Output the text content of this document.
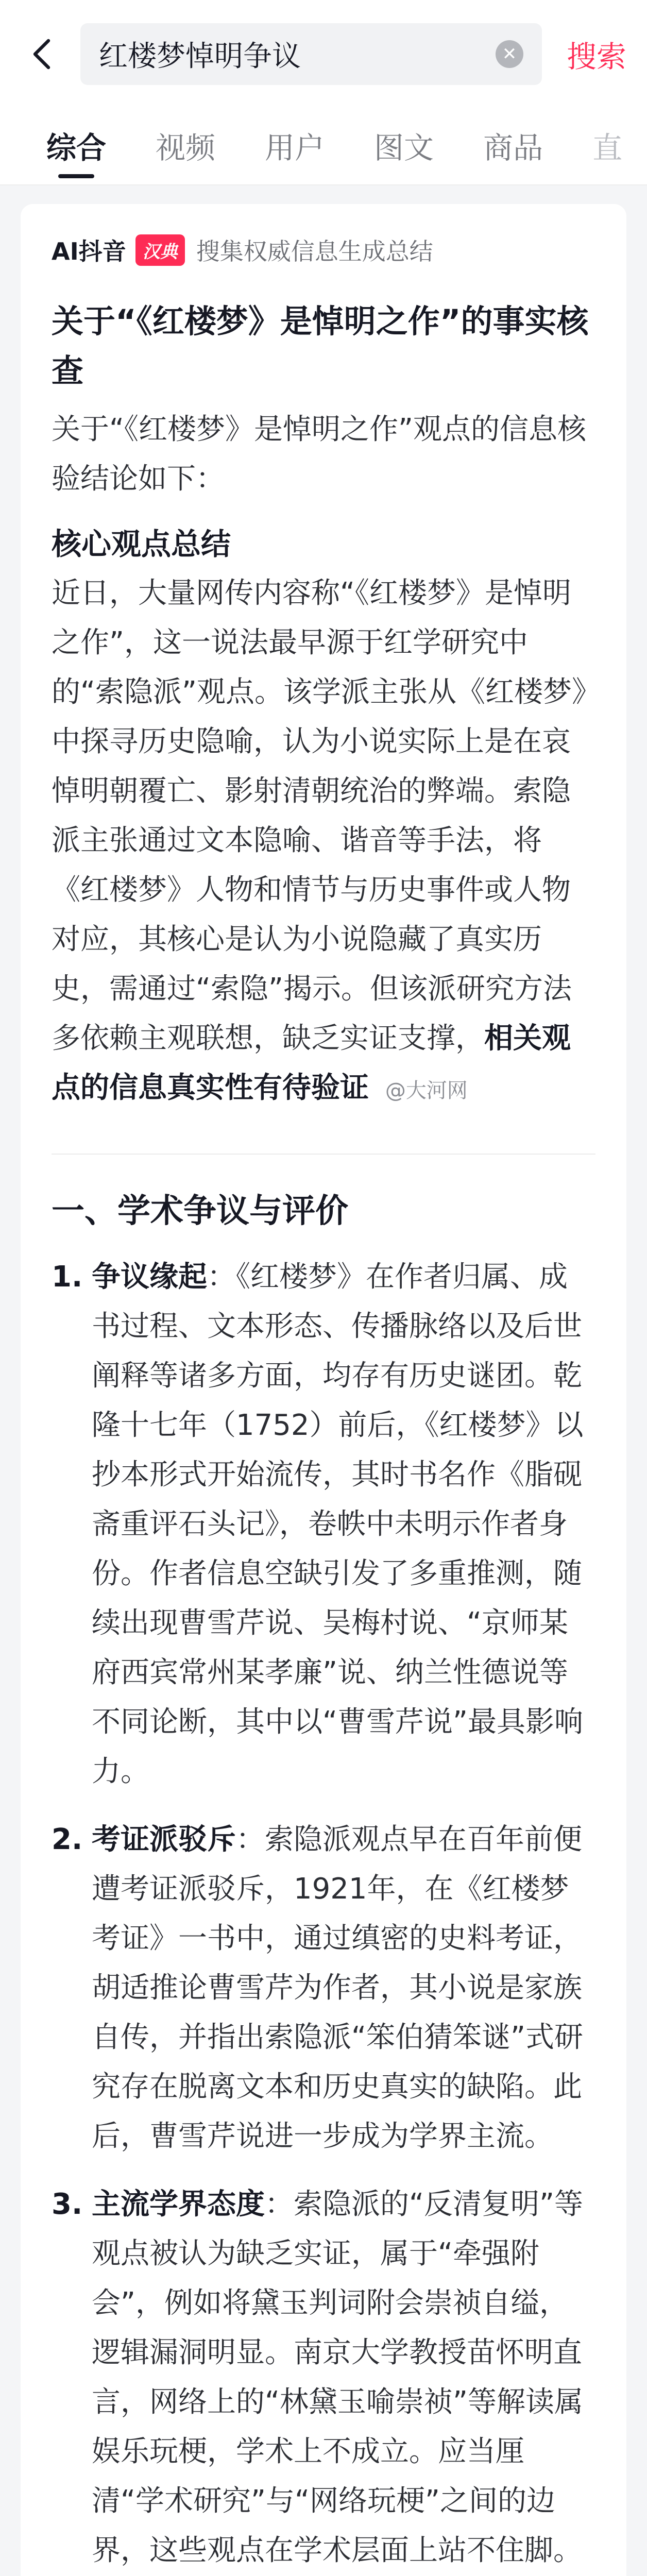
红楼梦悼明争议
✕ 搜索
综合 视频 用户 图文 商品 直
AI抖音 汉典 搜集权威信息生成总结
关于“《红楼梦》是悼明之作”的事实核查
关于“《红楼梦》是悼明之作”观点的信息核验结论如下：
核心观点总结
近日，大量网传内容称“《红楼梦》是悼明之作”，这一说法最早源于红学研究中的“索隐派”观点。该学派主张从《红楼梦》中探寻历史隐喻，认为小说实际上是在哀悼明朝覆亡、影射清朝统治的弊端。索隐派主张通过文本隐喻、谐音等手法，将《红楼梦》人物和情节与历史事件或人物对应，其核心是认为小说隐藏了真实历史，需通过“索隐”揭示。但该派研究方法多依赖主观联想，缺乏实证支撑，相关观点的信息真实性有待验证 @大河网
一、学术争议与评价
1. 争议缘起：《红楼梦》在作者归属、成书过程、文本形态、传播脉络以及后世阐释等诸多方面，均存有历史谜团。乾隆十七年（1752）前后，《红楼梦》以抄本形式开始流传，其时书名作《脂砚斋重评石头记》，卷帙中未明示作者身份。作者信息空缺引发了多重推测，随续出现曹雪芹说、吴梅村说、“京师某府西宾常州某孝廉”说、纳兰性德说等不同论断，其中以“曹雪芹说”最具影响力。
2. 考证派驳斥：索隐派观点早在百年前便遭考证派驳斥，1921年，在《红楼梦考证》一书中，通过缜密的史料考证，胡适推论曹雪芹为作者，其小说是家族自传，并指出索隐派“笨伯猜笨谜”式研究存在脱离文本和历史真实的缺陷。此后，曹雪芹说进一步成为学界主流。
3. 主流学界态度：索隐派的“反清复明”等观点被认为缺乏实证，属于“牵强附会”，例如将黛玉判词附会崇祯自缢，逻辑漏洞明显。南京大学教授苗怀明直言，网络上的“林黛玉喻崇祯”等解读属娱乐玩梗，学术上不成立。应当厘清“学术研究”与“网络玩梗”之间的边界，这些观点在学术层面上站不住脚。
